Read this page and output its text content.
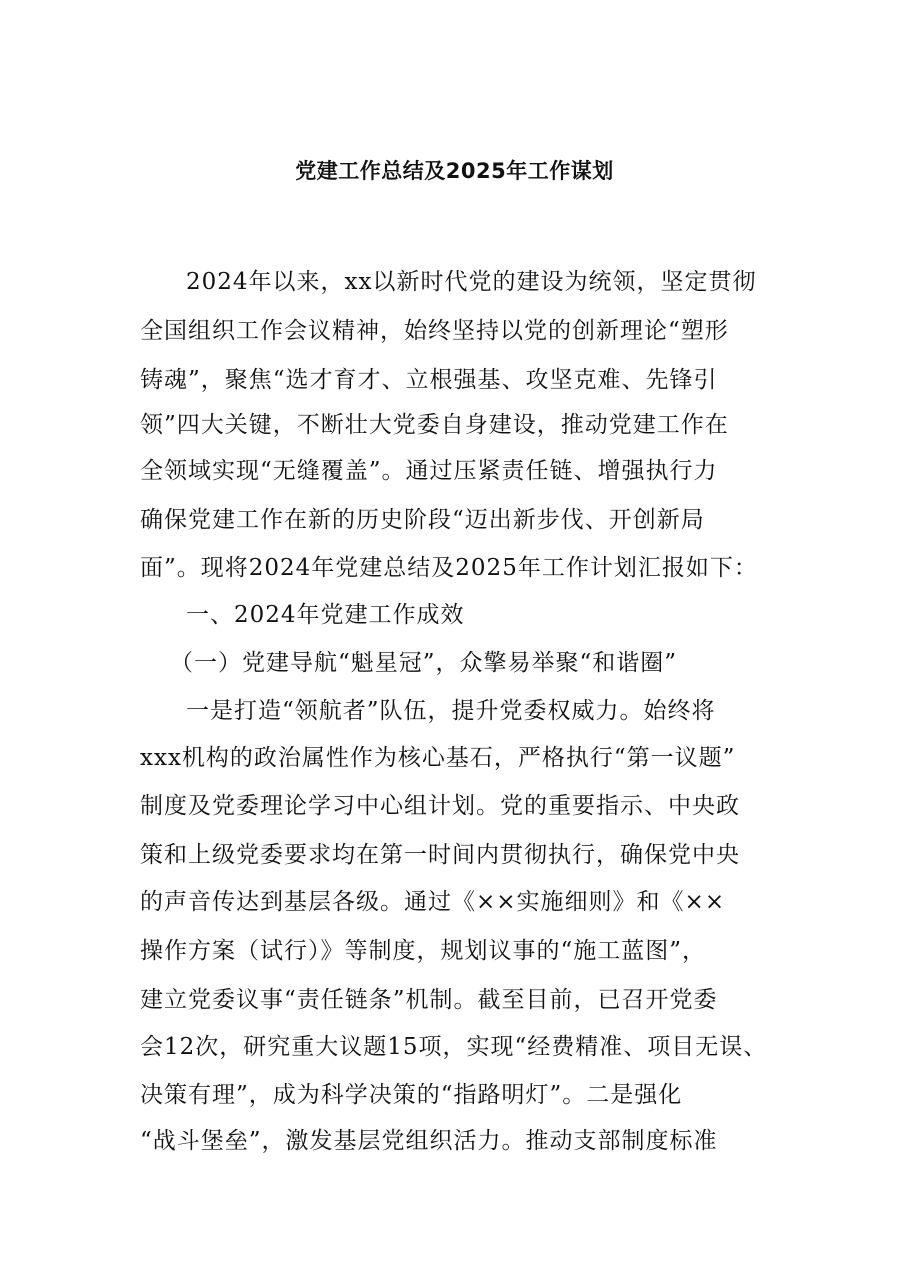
党建工作总结及2025年工作谋划
2024年以来，xx以新时代党的建设为统领，坚定贯彻
全国组织工作会议精神，始终坚持以党的创新理论“塑形
铸魂”，聚焦“选才育才、立根强基、攻坚克难、先锋引
领”四大关键，不断壮大党委自身建设，推动党建工作在
全领域实现“无缝覆盖”。通过压紧责任链、增强执行力
确保党建工作在新的历史阶段“迈出新步伐、开创新局
面”。现将2024年党建总结及2025年工作计划汇报如下：
一、2024年党建工作成效
（一）党建导航“魁星冠”，众擎易举聚“和谐圈”
一是打造“领航者”队伍，提升党委权威力。始终将
xxx机构的政治属性作为核心基石，严格执行“第一议题”
制度及党委理论学习中心组计划。党的重要指示、中央政
策和上级党委要求均在第一时间内贯彻执行，确保党中央
的声音传达到基层各级。通过《××实施细则》和《××
操作方案（试行）》等制度，规划议事的“施工蓝图”，
建立党委议事“责任链条”机制。截至目前，已召开党委
会12次，研究重大议题15项，实现“经费精准、项目无误、
决策有理”，成为科学决策的“指路明灯”。二是强化
“战斗堡垒”，激发基层党组织活力。推动支部制度标准
